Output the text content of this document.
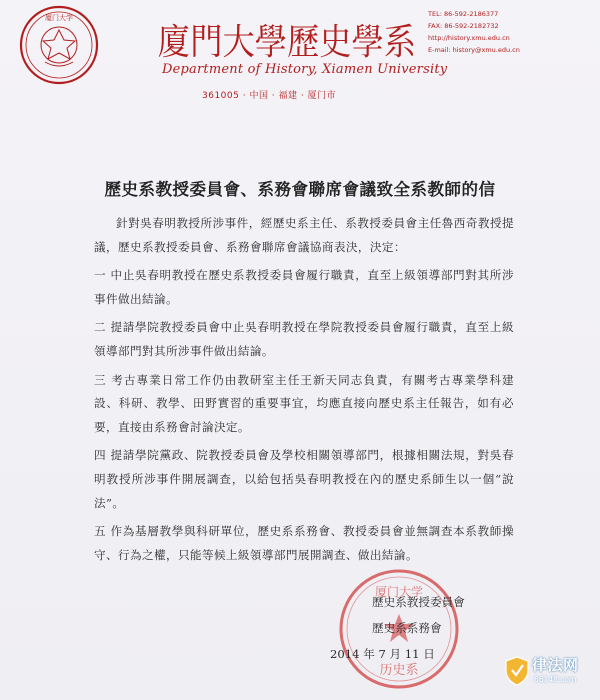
厦门大学
廈門大學歷史學系
Department of History, Xiamen University
361005 · 中国 · 福建 · 厦门市
TEL: 86-592-2186377
FAX: 86-592-2182732
http://history.xmu.edu.cn
E-mail: history@xmu.edu.cn
歷史系教授委員會、系務會聯席會議致全系教師的信

針對吳春明教授所涉事件，經歷史系主任、系教授委員會主任魯西奇教授提議，歷史系教授委員會、系務會聯席會議協商表決，決定：

一 中止吳春明教授在歷史系教授委員會履行職責，直至上級領導部門對其所涉事件做出結論。

二 提請學院教授委員會中止吳春明教授在學院教授委員會履行職責，直至上級領導部門對其所涉事件做出結論。

三 考古專業日常工作仍由教研室主任王新天同志負責，有關考古專業學科建設、科研、教學、田野實習的重要事宜，均應直接向歷史系主任報告，如有必要，直接由系務會討論決定。

四 提請學院黨政、院教授委員會及學校相關領導部門，根據相關法規，對吳春明教授所涉事件開展調查，以給包括吳春明教授在內的歷史系師生以一個“說法”。

五 作為基層教學與科研單位，歷史系系務會、教授委員會並無調查本系教師操守、行為之權，只能等候上級領導部門展開調查、做出結論。

厦门大学
历史系
歷史系教授委員會
歷史系系務會
2014 年 7 月 11 日
律法网
66148.com
